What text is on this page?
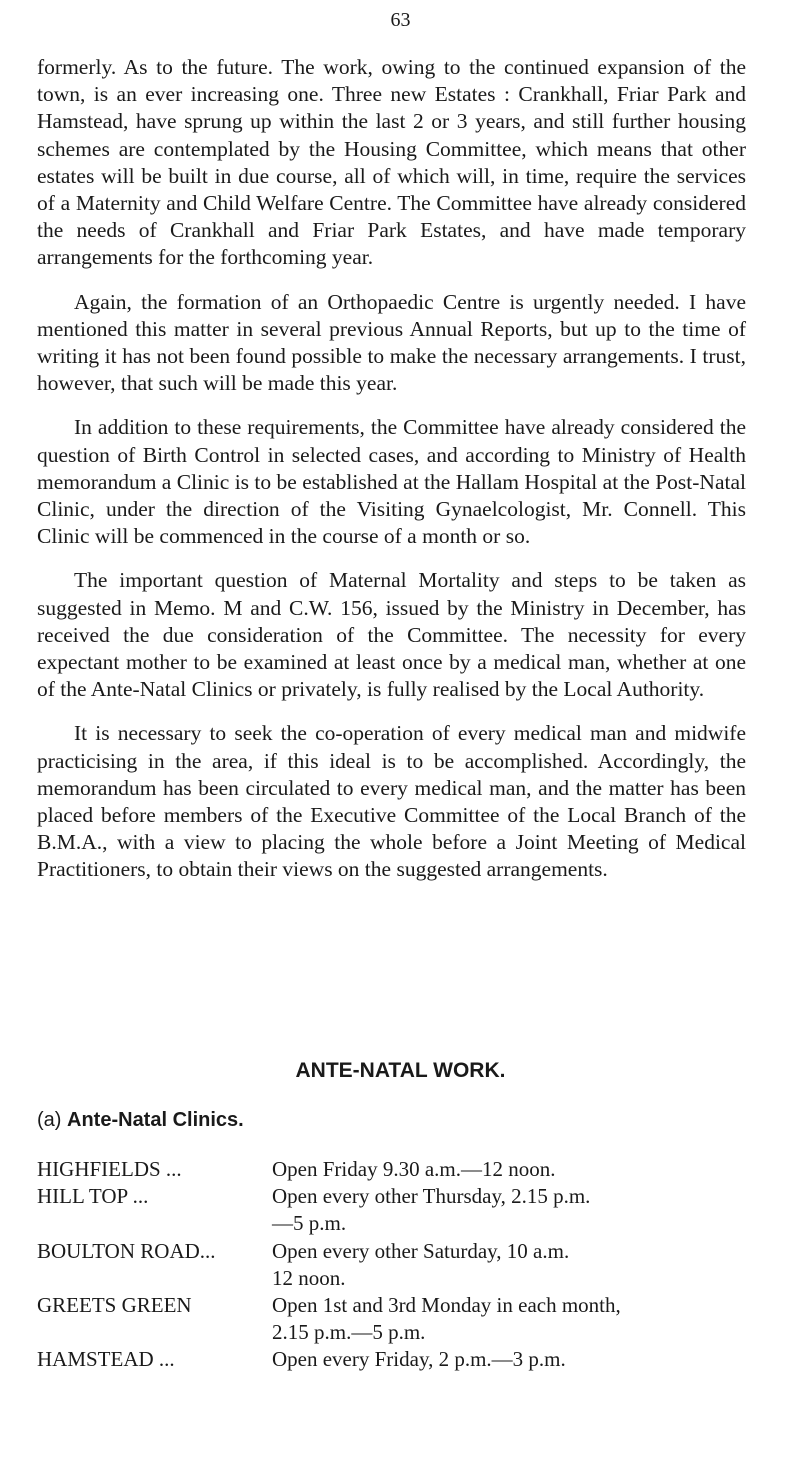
63

formerly. As to the future. The work, owing to the continued expansion of the town, is an ever increasing one. Three new Estates : Crankhall, Friar Park and Hamstead, have sprung up within the last 2 or 3 years, and still further housing schemes are contemplated by the Housing Committee, which means that other estates will be built in due course, all of which will, in time, require the services of a Maternity and Child Welfare Centre. The Committee have already considered the needs of Crankhall and Friar Park Estates, and have made temporary arrangements for the forthcoming year.

Again, the formation of an Orthopaedic Centre is urgently needed. I have mentioned this matter in several previous Annual Reports, but up to the time of writing it has not been found possible to make the necessary arrangements. I trust, however, that such will be made this year.

In addition to these requirements, the Committee have already considered the question of Birth Control in selected cases, and according to Ministry of Health memorandum a Clinic is to be established at the Hallam Hospital at the Post-Natal Clinic, under the direction of the Visiting Gynaelcologist, Mr. Connell. This Clinic will be commenced in the course of a month or so.

The important question of Maternal Mortality and steps to be taken as suggested in Memo. M and C.W. 156, issued by the Ministry in December, has received the due consideration of the Committee. The necessity for every expectant mother to be examined at least once by a medical man, whether at one of the Ante-Natal Clinics or privately, is fully realised by the Local Authority.

It is necessary to seek the co-operation of every medical man and midwife practicising in the area, if this ideal is to be accomplished. Accordingly, the memorandum has been circulated to every medical man, and the matter has been placed before members of the Executive Committee of the Local Branch of the B.M.A., with a view to placing the whole before a Joint Meeting of Medical Practitioners, to obtain their views on the suggested arrangements.

ANTE-NATAL WORK.
(a) Ante-Natal Clinics.
HIGHFIELDS ...	Open Friday 9.30 a.m.—12 noon.
HILL TOP ...	Open every other Thursday, 2.15 p.m.
—5 p.m.
BOULTON ROAD...	Open every other Saturday, 10 a.m.
12 noon.
GREETS GREEN	Open 1st and 3rd Monday in each month,
2.15 p.m.—5 p.m.
HAMSTEAD ...	Open every Friday, 2 p.m.—3 p.m.
